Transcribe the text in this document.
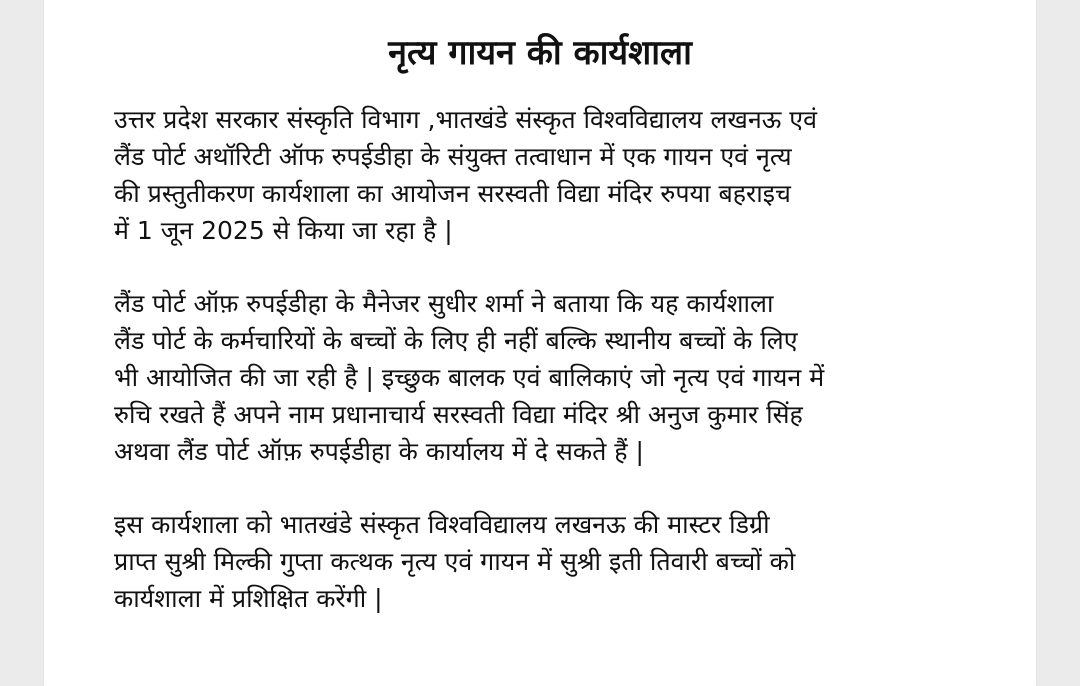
नृत्य गायन की कार्यशाला

उत्तर प्रदेश सरकार संस्कृति विभाग ,भातखंडे संस्कृत विश्वविद्यालय लखनऊ एवं
लैंड पोर्ट अथॉरिटी ऑफ रुपईडीहा के संयुक्त तत्वाधान में एक गायन एवं नृत्य
की प्रस्तुतीकरण कार्यशाला का आयोजन सरस्वती विद्या मंदिर रुपया बहराइच
में 1 जून 2025 से किया जा रहा है |

लैंड पोर्ट ऑफ़ रुपईडीहा के मैनेजर सुधीर शर्मा ने बताया कि यह कार्यशाला
लैंड पोर्ट के कर्मचारियों के बच्चों के लिए ही नहीं बल्कि स्थानीय बच्चों के लिए
भी आयोजित की जा रही है | इच्छुक बालक एवं बालिकाएं जो नृत्य एवं गायन में
रुचि रखते हैं अपने नाम प्रधानाचार्य सरस्वती विद्या मंदिर श्री अनुज कुमार सिंह
अथवा लैंड पोर्ट ऑफ़ रुपईडीहा के कार्यालय में दे सकते हैं |

इस कार्यशाला को भातखंडे संस्कृत विश्वविद्यालय लखनऊ की मास्टर डिग्री
प्राप्त सुश्री मिल्की गुप्ता कत्थक नृत्य एवं गायन में सुश्री इती तिवारी बच्चों को
कार्यशाला में प्रशिक्षित करेंगी |
